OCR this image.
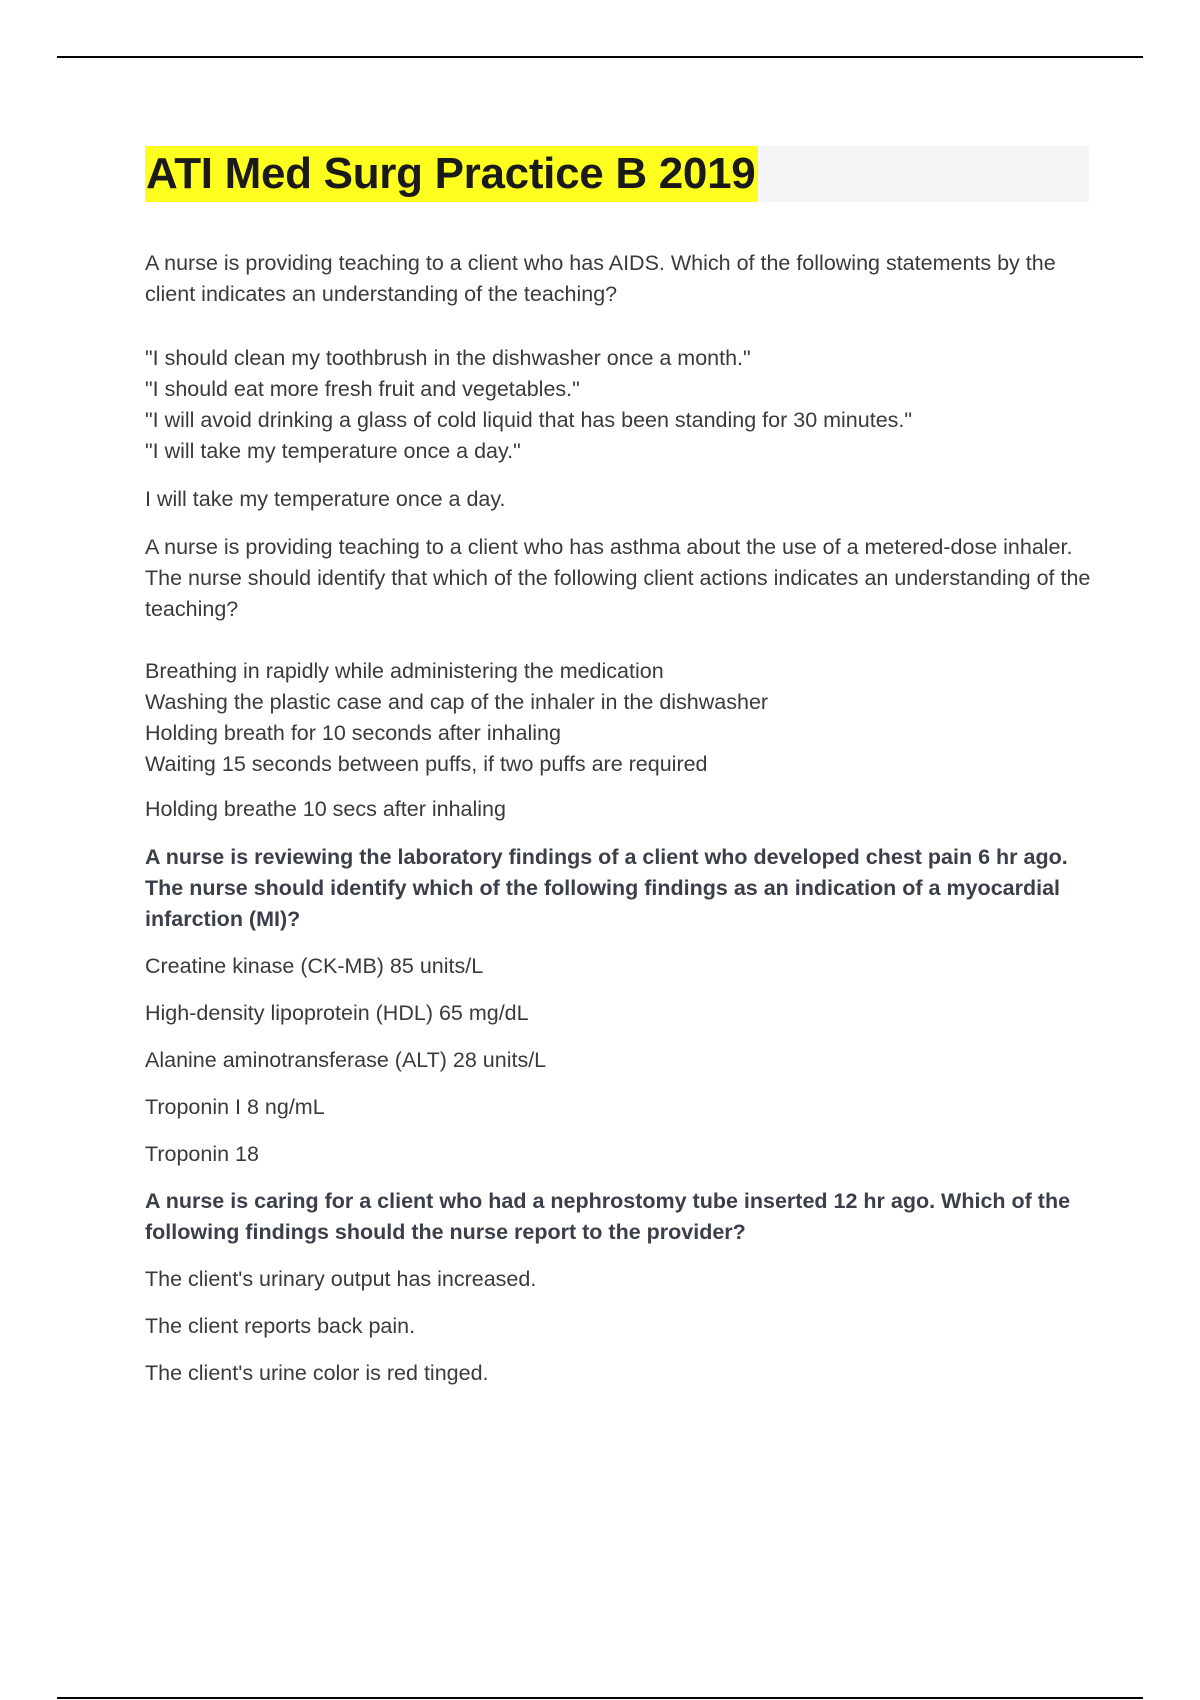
ATI Med Surg Practice B 2019

A nurse is providing teaching to a client who has AIDS. Which of the following statements by the client indicates an understanding of the teaching?

"I should clean my toothbrush in the dishwasher once a month."

"I should eat more fresh fruit and vegetables."

"I will avoid drinking a glass of cold liquid that has been standing for 30 minutes."

"I will take my temperature once a day."

I will take my temperature once a day.

A nurse is providing teaching to a client who has asthma about the use of a metered-dose inhaler. The nurse should identify that which of the following client actions indicates an understanding of the teaching?

Breathing in rapidly while administering the medication

Washing the plastic case and cap of the inhaler in the dishwasher

Holding breath for 10 seconds after inhaling

Waiting 15 seconds between puffs, if two puffs are required

Holding breathe 10 secs after inhaling

A nurse is reviewing the laboratory findings of a client who developed chest pain 6 hr ago. The nurse should identify which of the following findings as an indication of a myocardial infarction (MI)?

Creatine kinase (CK-MB) 85 units/L

High-density lipoprotein (HDL) 65 mg/dL

Alanine aminotransferase (ALT) 28 units/L

Troponin I 8 ng/mL

Troponin 18

A nurse is caring for a client who had a nephrostomy tube inserted 12 hr ago. Which of the following findings should the nurse report to the provider?

The client's urinary output has increased.

The client reports back pain.

The client's urine color is red tinged.
